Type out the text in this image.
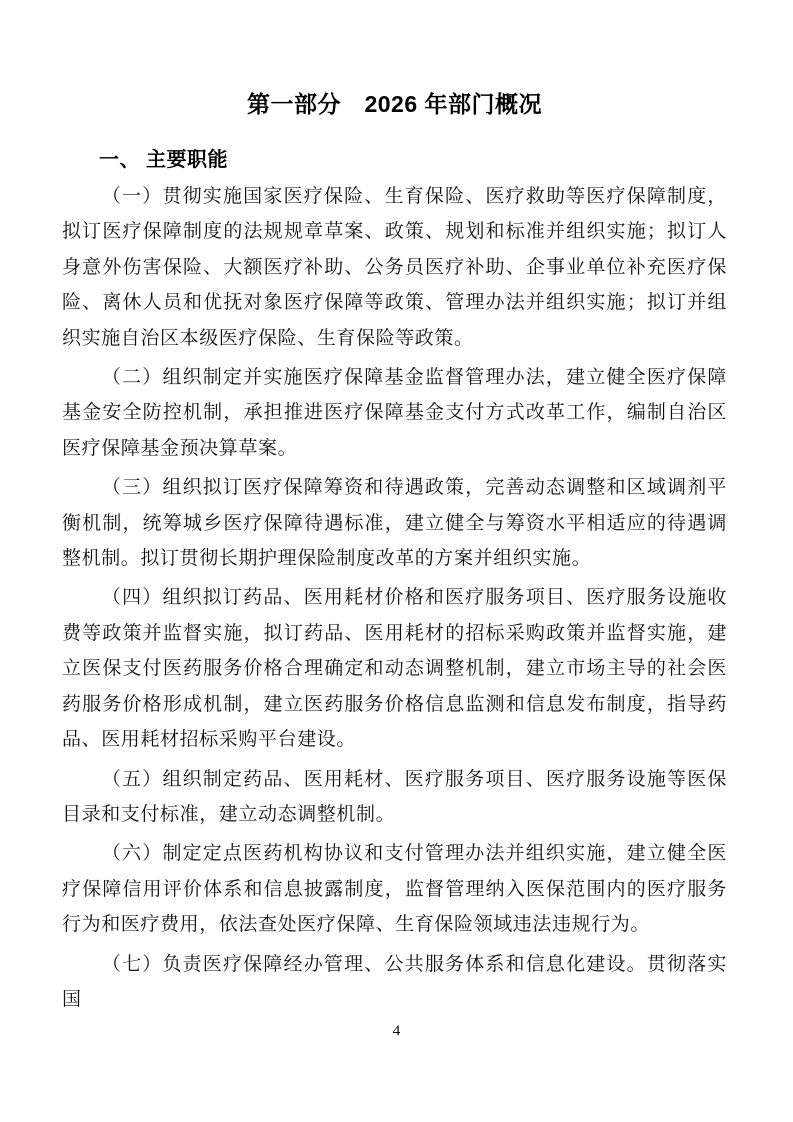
第一部分　2026 年部门概况
一、 主要职能

（一）贯彻实施国家医疗保险、生育保险、医疗救助等医疗保障制度，拟订医疗保障制度的法规规章草案、政策、规划和标准并组织实施；拟订人身意外伤害保险、大额医疗补助、公务员医疗补助、企事业单位补充医疗保险、离休人员和优抚对象医疗保障等政策、管理办法并组织实施；拟订并组织实施自治区本级医疗保险、生育保险等政策。

（二）组织制定并实施医疗保障基金监督管理办法，建立健全医疗保障基金安全防控机制，承担推进医疗保障基金支付方式改革工作，编制自治区医疗保障基金预决算草案。

（三）组织拟订医疗保障筹资和待遇政策，完善动态调整和区域调剂平衡机制，统筹城乡医疗保障待遇标准，建立健全与筹资水平相适应的待遇调整机制。拟订贯彻长期护理保险制度改革的方案并组织实施。

（四）组织拟订药品、医用耗材价格和医疗服务项目、医疗服务设施收费等政策并监督实施，拟订药品、医用耗材的招标采购政策并监督实施，建立医保支付医药服务价格合理确定和动态调整机制，建立市场主导的社会医药服务价格形成机制，建立医药服务价格信息监测和信息发布制度，指导药品、医用耗材招标采购平台建设。

（五）组织制定药品、医用耗材、医疗服务项目、医疗服务设施等医保目录和支付标准，建立动态调整机制。

（六）制定定点医药机构协议和支付管理办法并组织实施，建立健全医疗保障信用评价体系和信息披露制度，监督管理纳入医保范围内的医疗服务行为和医疗费用，依法查处医疗保障、生育保险领域违法违规行为。

（七）负责医疗保障经办管理、公共服务体系和信息化建设。贯彻落实国

4
